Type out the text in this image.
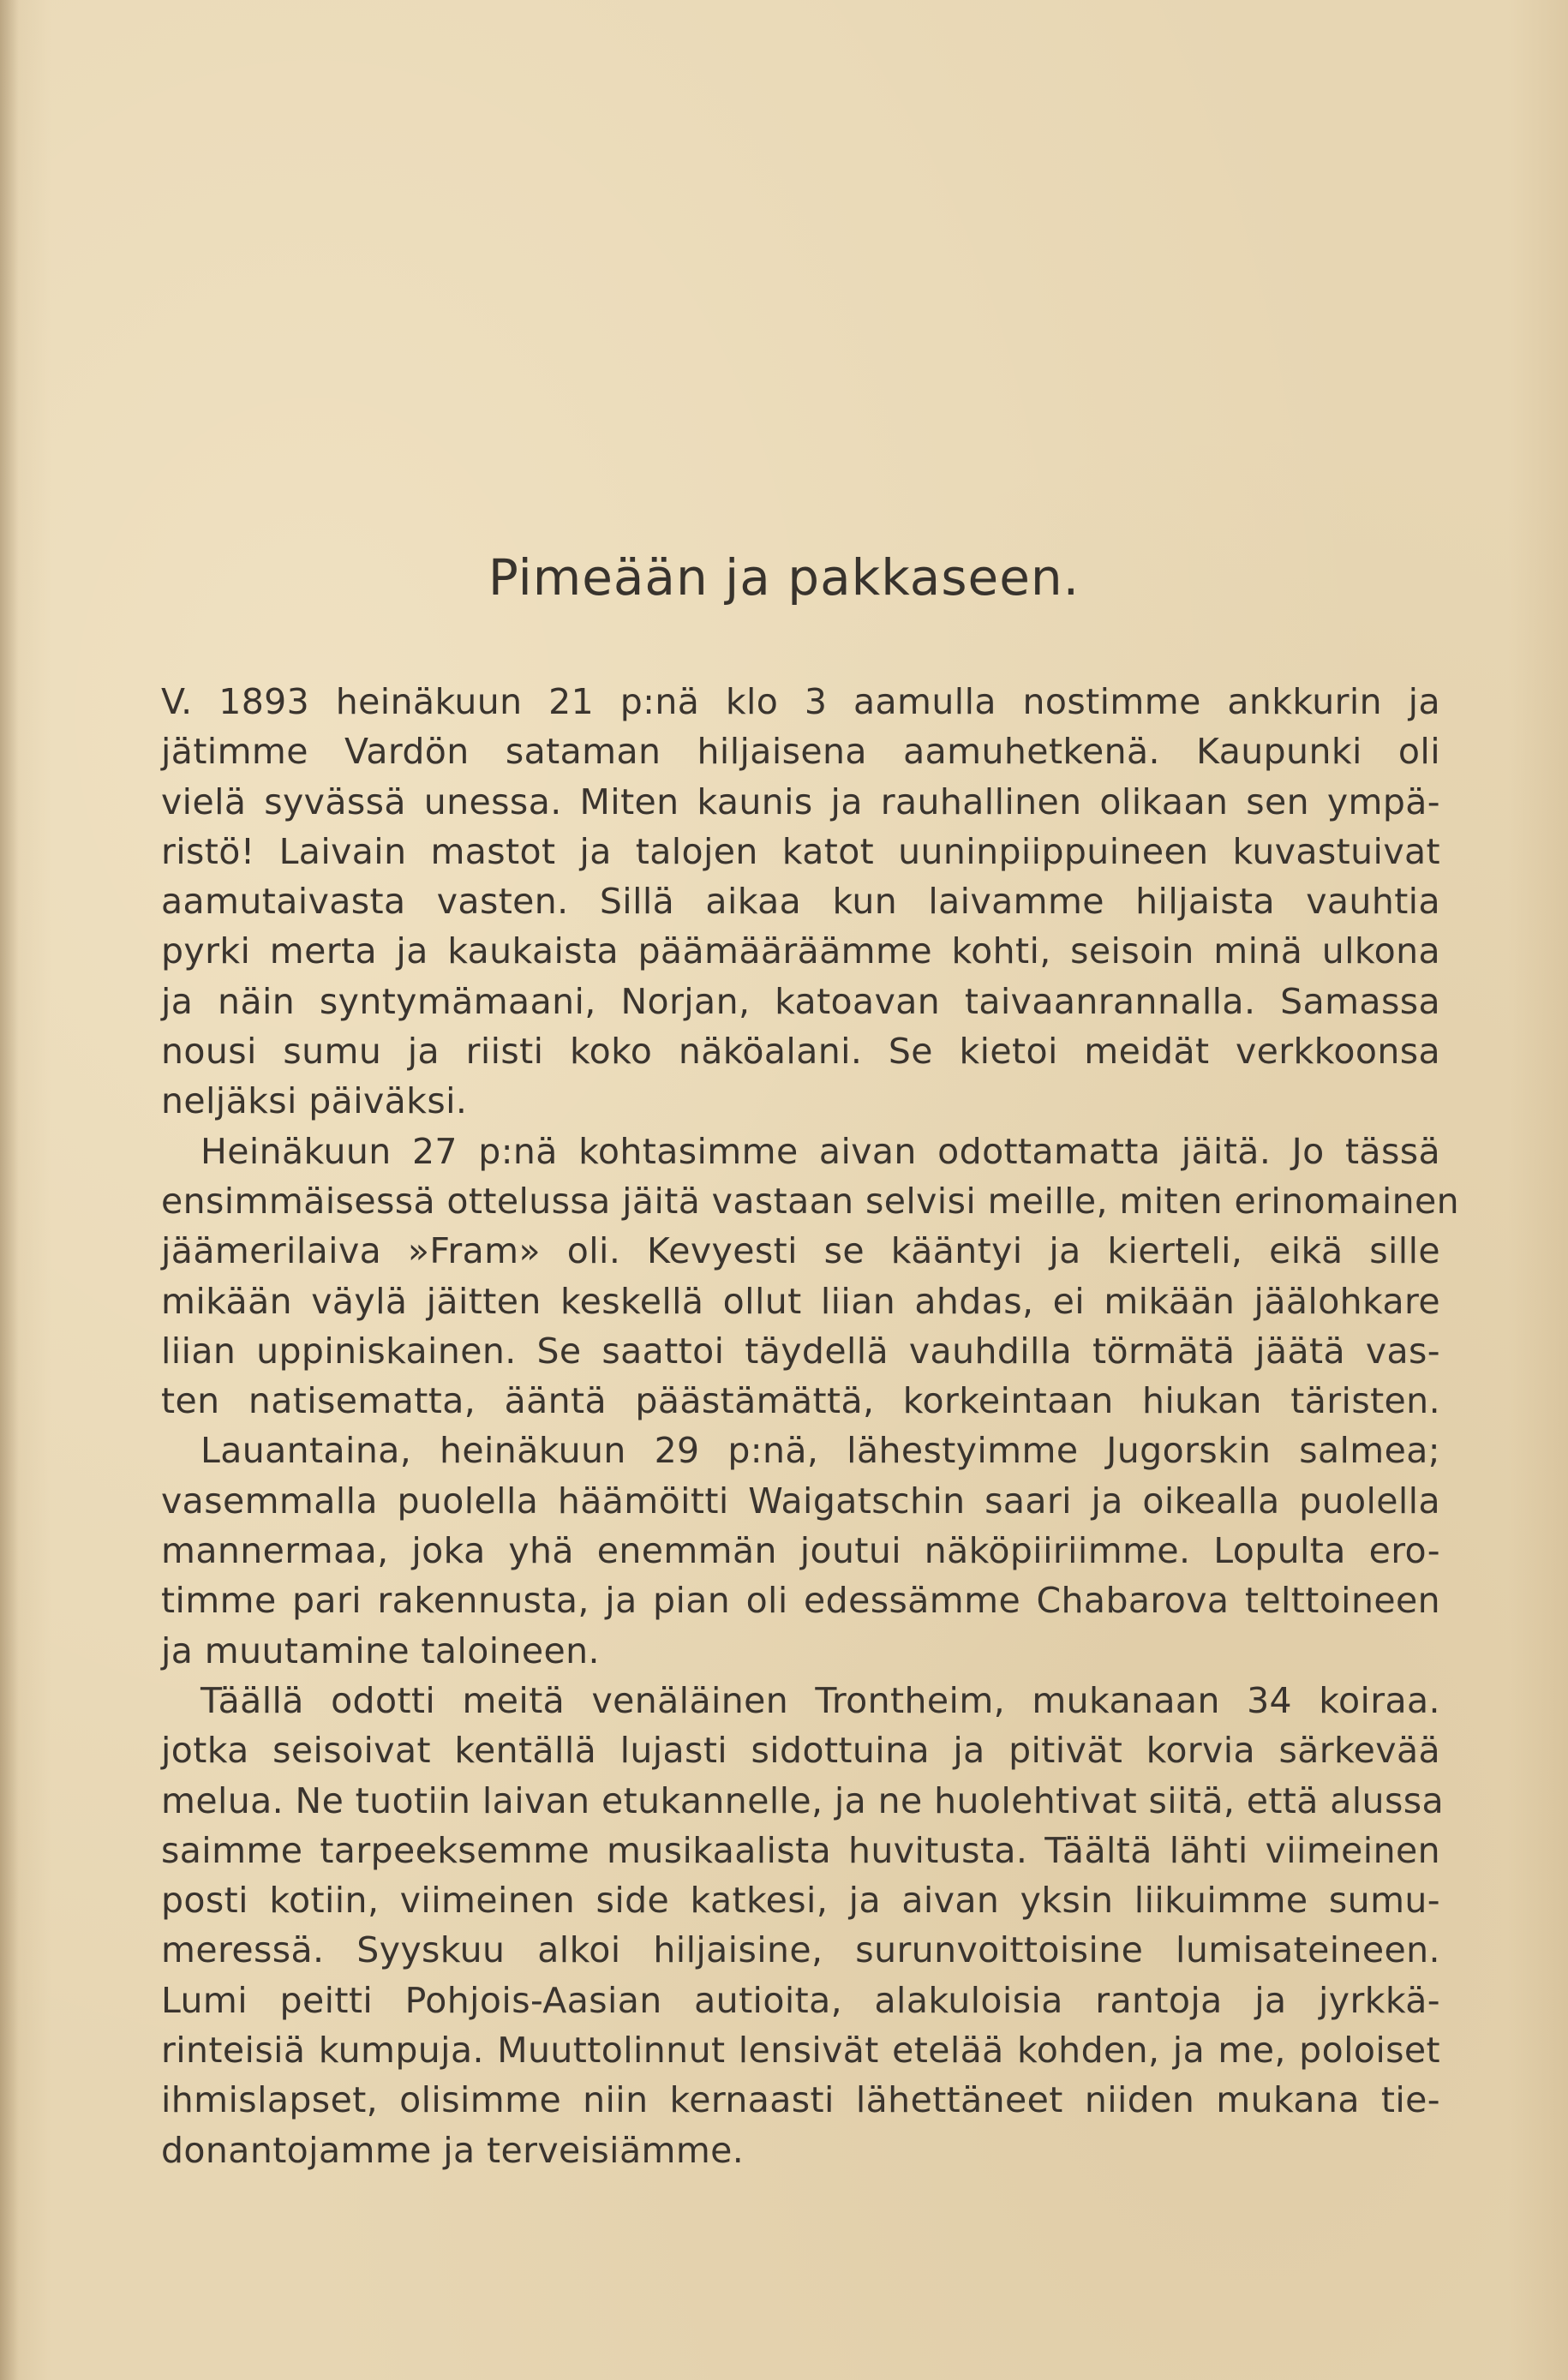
Pimeään ja pakkaseen.
V. 1893 heinäkuun 21 p:nä klo 3 aamulla nostimme ankkurin ja
jätimme Vardön sataman hiljaisena aamuhetkenä. Kaupunki oli
vielä syvässä unessa. Miten kaunis ja rauhallinen olikaan sen ympä-
ristö! Laivain mastot ja talojen katot uuninpiippuineen kuvastuivat
aamutaivasta vasten. Sillä aikaa kun laivamme hiljaista vauhtia
pyrki merta ja kaukaista päämääräämme kohti, seisoin minä ulkona
ja näin syntymämaani, Norjan, katoavan taivaanrannalla. Samassa
nousi sumu ja riisti koko näköalani. Se kietoi meidät verkkoonsa
neljäksi päiväksi.
Heinäkuun 27 p:nä kohtasimme aivan odottamatta jäitä. Jo tässä
ensimmäisessä ottelussa jäitä vastaan selvisi meille, miten erinomainen
jäämerilaiva »Fram» oli. Kevyesti se kääntyi ja kierteli, eikä sille
mikään väylä jäitten keskellä ollut liian ahdas, ei mikään jäälohkare
liian uppiniskainen. Se saattoi täydellä vauhdilla törmätä jäätä vas-
ten natisematta, ääntä päästämättä, korkeintaan hiukan täristen.
Lauantaina, heinäkuun 29 p:nä, lähestyimme Jugorskin salmea;
vasemmalla puolella häämöitti Waigatschin saari ja oikealla puolella
mannermaa, joka yhä enemmän joutui näköpiiriimme. Lopulta ero-
timme pari rakennusta, ja pian oli edessämme Chabarova telttoineen
ja muutamine taloineen.
Täällä odotti meitä venäläinen Trontheim, mukanaan 34 koiraa.
jotka seisoivat kentällä lujasti sidottuina ja pitivät korvia särkevää
melua. Ne tuotiin laivan etukannelle, ja ne huolehtivat siitä, että alussa
saimme tarpeeksemme musikaalista huvitusta. Täältä lähti viimeinen
posti kotiin, viimeinen side katkesi, ja aivan yksin liikuimme sumu-
meressä. Syyskuu alkoi hiljaisine, surunvoittoisine lumisateineen.
Lumi peitti Pohjois-Aasian autioita, alakuloisia rantoja ja jyrkkä-
rinteisiä kumpuja. Muuttolinnut lensivät etelää kohden, ja me, poloiset
ihmislapset, olisimme niin kernaasti lähettäneet niiden mukana tie-
donantojamme ja terveisiämme.
